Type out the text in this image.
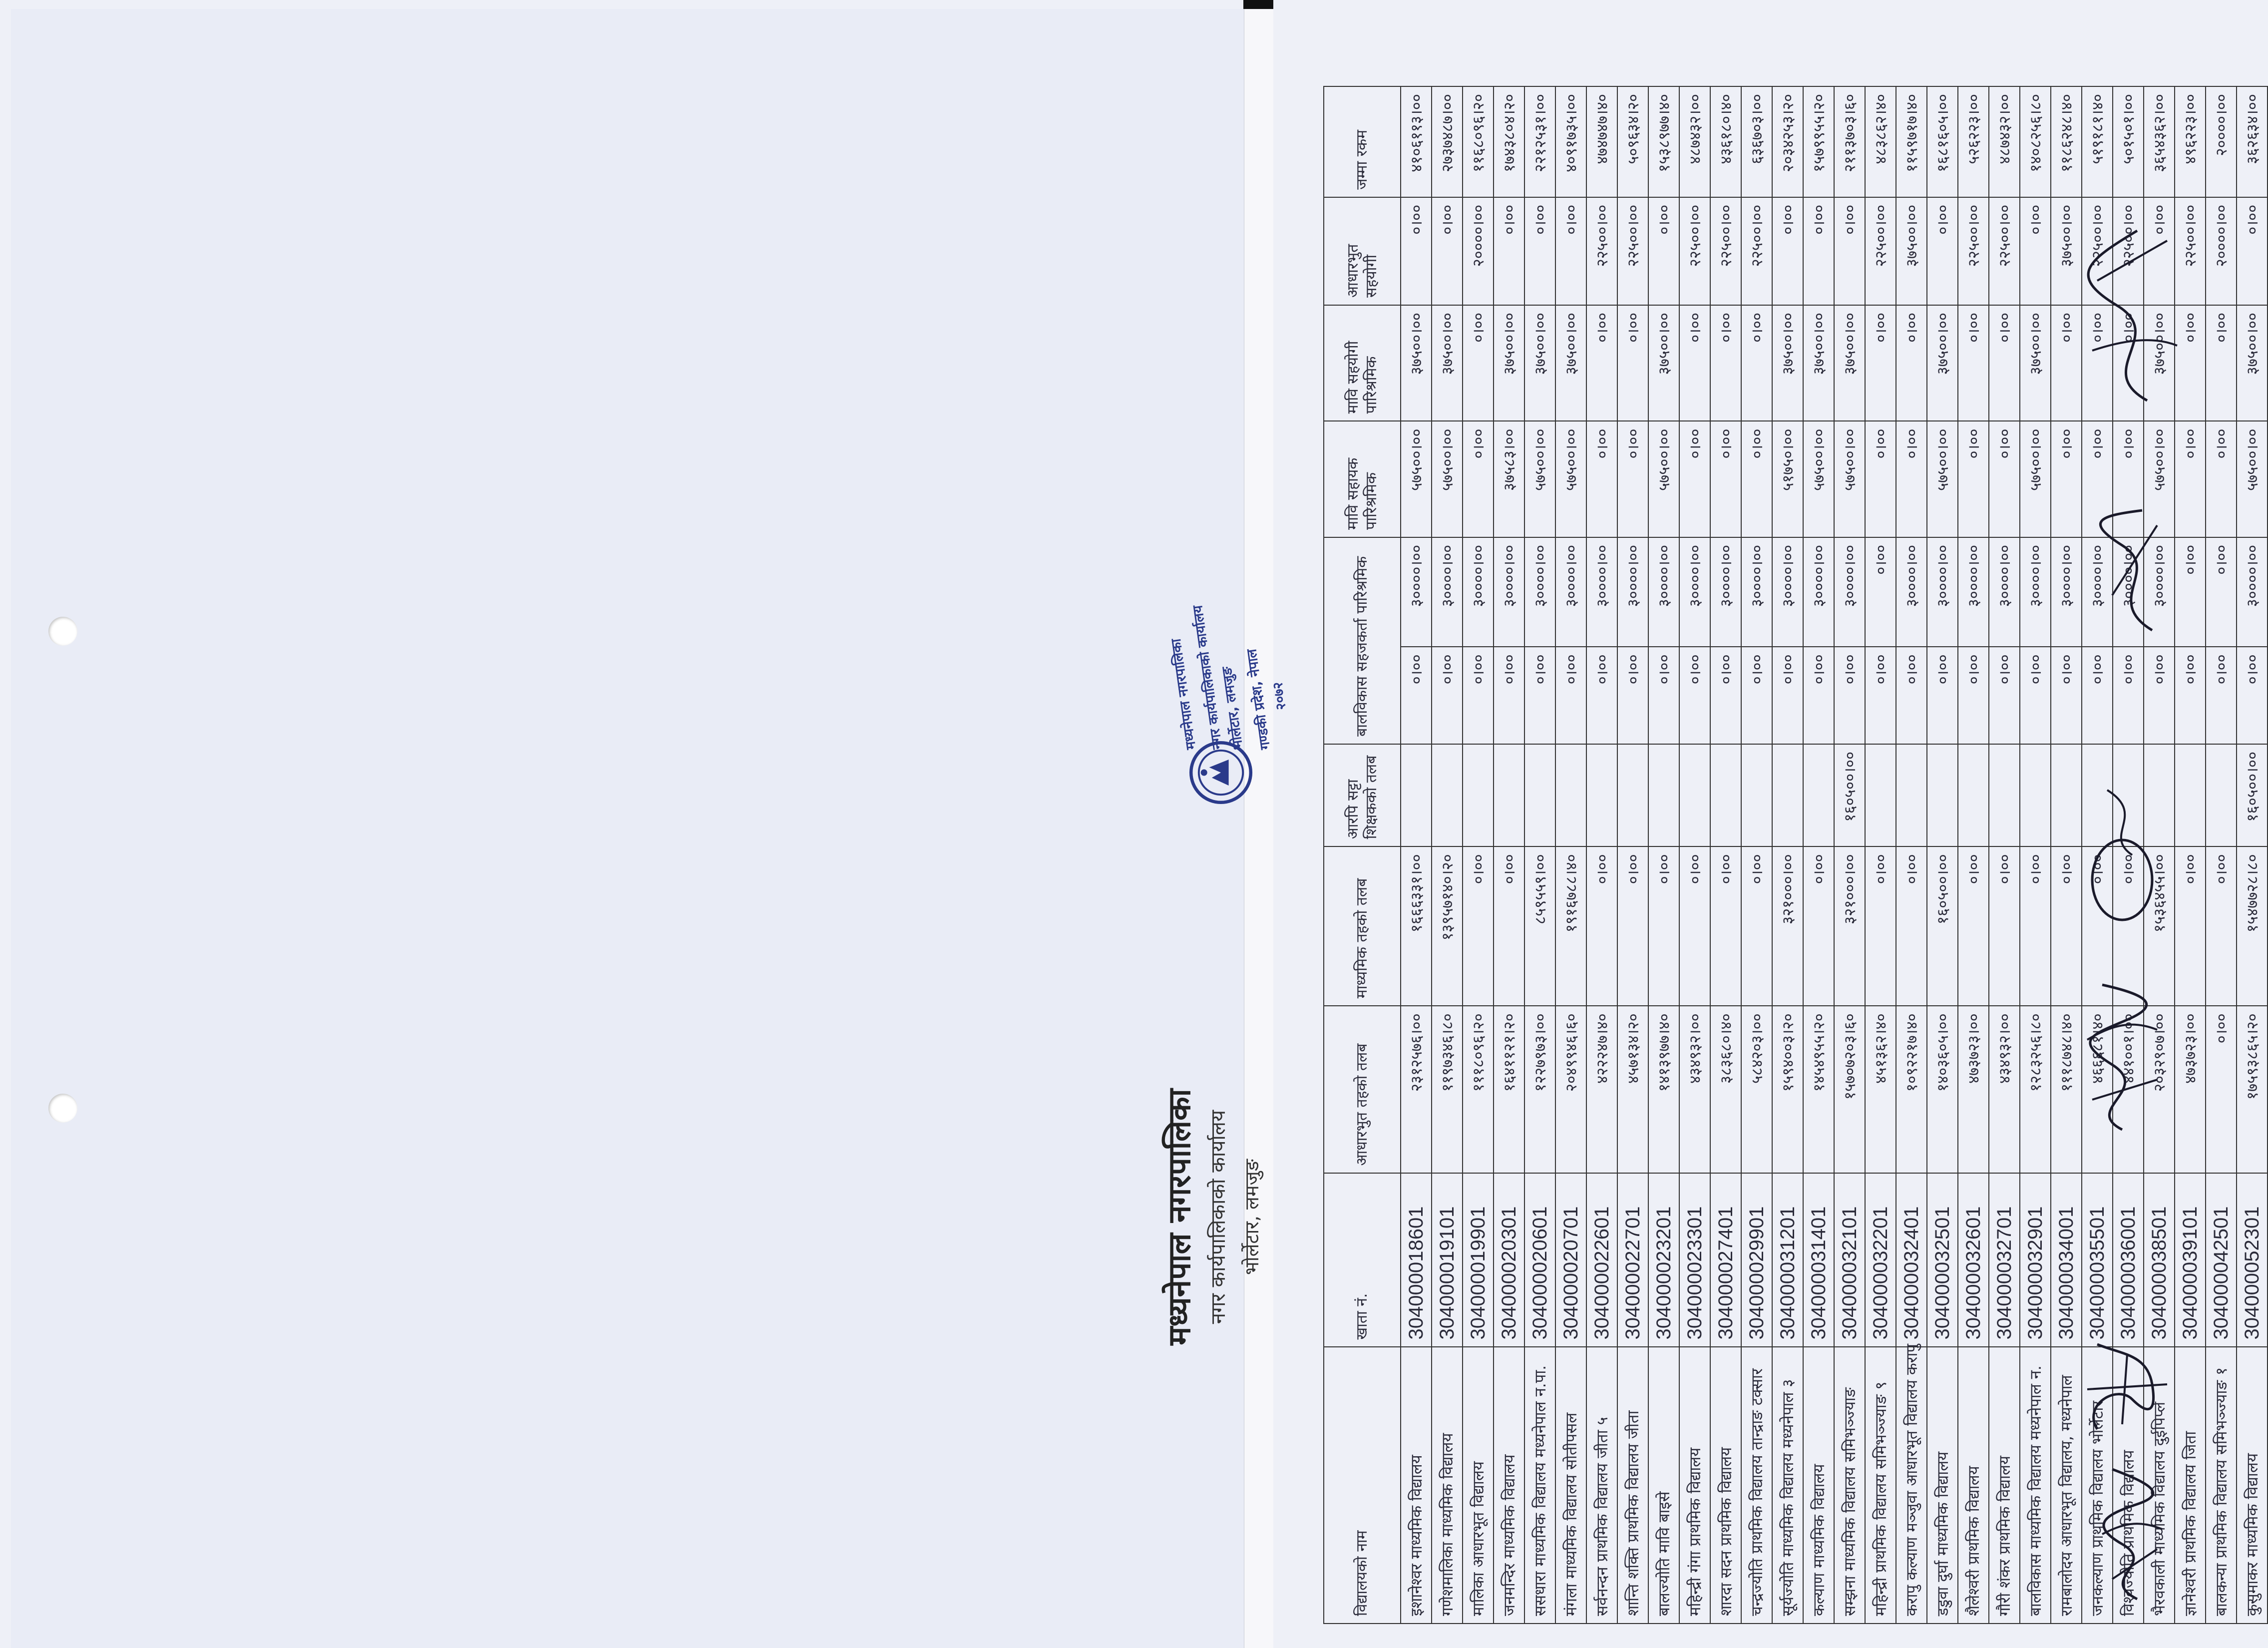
मध्यनेपाल नगरपालिका नगर कार्यपालिकाको कार्यालय भोर्लेटार, लमजुङ
मध्यनेपाल नगरपालिका
नगर कार्यपालिकाको कार्यालय
भोर्लेटार, लमजुङ
गण्डकी प्रदेश, नेपाल
२०७२
विद्यालयको नाम	खाता नं.	आधारभुत तहको तलब	माध्यमिक तहको तलब	आरपि सट्टा शिक्षकको तलब	बालविकास सहजकर्ता पारिश्रमिक		मावि सहायक पारिश्रमिक	मावि सहयोगी पारिश्रमिक	आधारभुत सहयोगी	जम्मा रकम
इशानेश्वर माध्यमिक विद्यालय	304000018601	२३१२५७६।००	१६६६३३१।००		०।००	३००००।००	५७५००।००	३७५००।००	०।००	४१०६११३।००
गणेशमालिका माध्यमिक विद्यालय	304000019101	११९७३४६।८०	१३९५७१४०।२०		०।००	३००००।००	५७५००।००	३७५००।००	०।००	२७३७४८७।००
मालिका आधारभूत विद्यालय	304000019901	१११८०९६।२०	०।००		०।००	३००००।००	०।००	०।००	२००००।००	११६८०९६।२०
जनमन्दिर माध्यमिक विद्यालय	304000020301	१६४११२१।२०	०।००		०।००	३००००।००	३७५८३।००	३७५००।००	०।००	१७४३८०४।२०
ससधारा माध्यमिक विद्यालय मध्यनेपाल न.पा.	304000020601	१२२७९७३।००	८५९५५९।००		०।००	३००००।००	५७५००।००	३७५००।००	०।००	२२१२५३१।००
मंगला माध्यमिक विद्यालय सोतीपसल	304000020701	२०४९९४६।६०	१९१६७८८।४०		०।००	३००००।००	५७५००।००	३७५००।००	०।००	४०९१७३५।००
सर्वनन्दन प्राथमिक विद्यालय जीता ५	304000022601	४२२२४७।४०	०।००		०।००	३००००।००	०।००	०।००	२२५००।००	४७४७४७।४०
शान्ति शक्ति प्राथमिक विद्यालय जीता	304000022701	४५७१३४।२०	०।००		०।००	३००००।००	०।००	०।००	२२५००।००	५०९६३४।२०
बालज्योति मावि बाइसे	304000023201	१४१३९७७।४०	०।००		०।००	३००००।००	५७५००।००	३७५००।००	०।००	१५३८९७७।४०
महिन्द्री गंगा प्राथमिक विद्यालय	304000023301	४३४९३२।००	०।००		०।००	३००००।००	०।००	०।००	२२५००।००	४८७४३२।००
शारदा सदन प्राथमिक विद्यालय	304000027401	३८३६८०।४०	०।००		०।००	३००००।००	०।००	०।००	२२५००।००	४३६१८०।४०
चन्द्रज्योति प्राथमिक विद्यालय तान्द्राङ टक्सार	304000029901	५८४२०३।००	०।००		०।००	३००००।००	०।००	०।००	२२५००।००	६३६७०३।००
सूर्यज्योति माध्यमिक विद्यालय मध्यनेपाल ३	304000031201	१५९४००३।२०	३२१०००।००		०।००	३००००।००	५१७५०।००	३७५००।००	०।००	२०३४२५३।२०
कल्याण माध्यमिक विद्यालय	304000031401	१४५४९५५।२०	०।००		०।००	३००००।००	५७५००।००	३७५००।००	०।००	१५७९९५५।२०
सम्झना माध्यमिक विद्यालय समिभञ्ज्याङ	304000032101	१५७०७२०३।६०	३२१०००।००	१६०५००।००	०।००	३००००।००	५७५००।००	३७५००।००	०।००	२११३७०३।६०
महिन्द्री प्राथमिक विद्यालय समिभञ्ज्याङ ९	304000032201	४५१३६२।४०	०।००		०।००	०।००	०।००	०।००	२२५००।००	४८३८६२।४०
करापु कल्याण मञ्जुवा आधारभूत विद्यालय करापु	304000032401	१०९२२१७।४०	०।००		०।००	३००००।००	०।००	०।००	३७५००।००	११५९७१७।४०
डडुवा दुर्घा माध्यमिक विद्यालय	304000032501	१४०३६०५।००	१६०५००।००		०।००	३००००।००	५७५००।००	३७५००।००	०।००	१६८१६०५।००
शैलेश्वरी प्राथमिक विद्यालय	304000032601	४७३७२३।००	०।००		०।००	३००००।००	०।००	०।००	२२५००।००	५२६२२३।००
गौरी शंकर प्राथमिक विद्यालय	304000032701	४३४९३२।००	०।००		०।००	३००००।००	०।००	०।००	२२५००।००	४८७४३२।००
बालविकास माध्यमिक विद्यालय मध्यनेपाल न.	304000032901	१२८३२५६।८०	०।००		०।००	३००००।००	५७५००।००	३७५००।००	०।००	१४०८२५६।८०
रामबालोदय आधारभूत विद्यालय, मध्यनेपाल	304000034001	१११८७४८।४०	०।००		०।००	३००००।००	०।००	०।००	३७५००।००	११८६२४८।४०
जनकल्याण प्राथमिक विद्यालय भोर्लेटार	304000035501	४६६६८१।४०	०।००		०।००	३००००।००	०।००	०।००	२२५००।००	५१९१८१।४०
विश्वज्योति प्राथमिक विद्यालय	304000036001	४४१००१।००	०।००		०।००	३००००।००	०।००	०।००	२२५००।००	५०१५०१।००
भैरवकाली माध्यमिक विद्यालय दुईपिप्ले	304000038501	२०३२९०७।००	१५३६४५५।००		०।००	३००००।००	५७५००।००	३७५००।००	०।००	३६५४३६२।००
ज्ञानेश्वरी प्राथमिक विद्यालय जिता	304000039101	४७३७२३।००	०।००		०।००	०।००	०।००	०।००	२२५००।००	४९६२२३।००
बालकन्या प्राथमिक विद्यालय समिभञ्ज्याङ १	304000042501	०।००	०।००		०।००	०।००	०।००	०।००	२००००।००	२००००।००
कुसुमाकर माध्यमिक विद्यालय	304000052301	१७५९३८६५।२०	१५४७७२८।८०	१६०५००।००	०।००	३००००।००	५७५००।००	३७५००।००	०।००	३६२६३४।००
